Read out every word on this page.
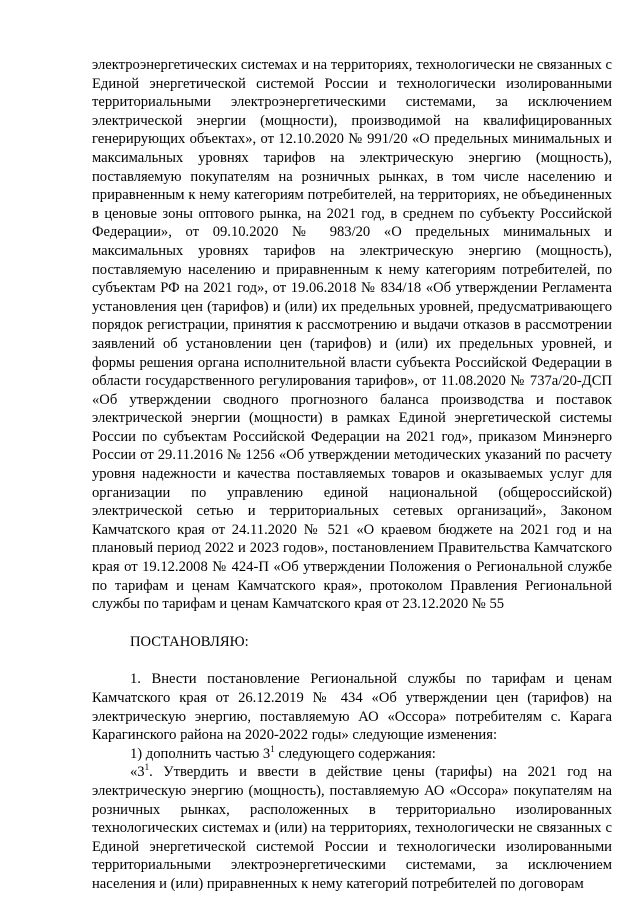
электроэнергетических системах и на территориях, технологически не связанных с Единой энергетической системой России и технологически изолированными территориальными электроэнергетическими системами, за исключением электрической энергии (мощности), производимой на квалифицированных генерирующих объектах», от 12.10.2020 № 991/20 «О предельных минимальных и максимальных уровнях тарифов на электрическую энергию (мощность), поставляемую покупателям на розничных рынках, в том числе населению и приравненным к нему категориям потребителей, на территориях, не объединенных в ценовые зоны оптового рынка, на 2021 год, в среднем по субъекту Российской Федерации», от 09.10.2020 № 983/20 «О предельных минимальных и максимальных уровнях тарифов на электрическую энергию (мощность), поставляемую населению и приравненным к нему категориям потребителей, по субъектам РФ на 2021 год», от 19.06.2018 № 834/18 «Об утверждении Регламента установления цен (тарифов) и (или) их предельных уровней, предусматривающего порядок регистрации, принятия к рассмотрению и выдачи отказов в рассмотрении заявлений об установлении цен (тарифов) и (или) их предельных уровней, и формы решения органа исполнительной власти субъекта Российской Федерации в области государственного регулирования тарифов», от 11.08.2020 № 737а/20-ДСП «Об утверждении сводного прогнозного баланса производства и поставок электрической энергии (мощности) в рамках Единой энергетической системы России по субъектам Российской Федерации на 2021 год», приказом Минэнерго России от 29.11.2016 № 1256 «Об утверждении методических указаний по расчету уровня надежности и качества поставляемых товаров и оказываемых услуг для организации по управлению единой национальной (общероссийской) электрической сетью и территориальных сетевых организаций», Законом Камчатского края от 24.11.2020 № 521 «О краевом бюджете на 2021 год и на плановый период 2022 и 2023 годов», постановлением Правительства Камчатского края от 19.12.2008 № 424-П «Об утверждении Положения о Региональной службе по тарифам и ценам Камчатского края», протоколом Правления Региональной службы по тарифам и ценам Камчатского края от 23.12.2020 № 55

ПОСТАНОВЛЯЮ:

1. Внести постановление Региональной службы по тарифам и ценам Камчатского края от 26.12.2019 № 434 «Об утверждении цен (тарифов) на электрическую энергию, поставляемую АО «Оссора» потребителям с. Карага Карагинского района на 2020-2022 годы» следующие изменения:

1) дополнить частью $3^1$ следующего содержания:

«$3^1$. Утвердить и ввести в действие цены (тарифы) на 2021 год на электрическую энергию (мощность), поставляемую АО «Оссора» покупателям на розничных рынках, расположенных в территориально изолированных технологических системах и (или) на территориях, технологически не связанных с Единой энергетической системой России и технологически изолированными территориальными электроэнергетическими системами, за исключением населения и (или) приравненных к нему категорий потребителей по договорам
